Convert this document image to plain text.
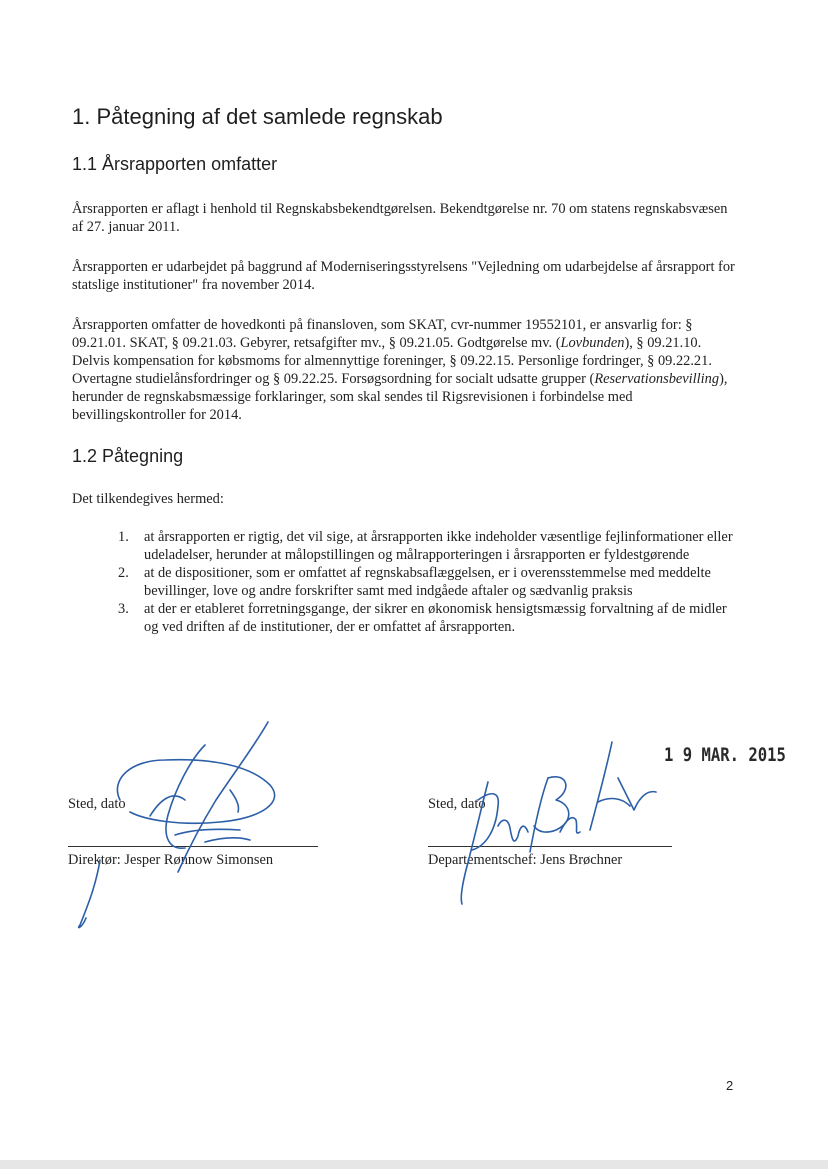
1. Påtegning af det samlede regnskab
1.1 Årsrapporten omfatter

Årsrapporten er aflagt i henhold til Regnskabsbekendtgørelsen. Bekendtgørelse nr. 70 om statens regnskabsvæsen af 27. januar 2011.

Årsrapporten er udarbejdet på baggrund af Moderniseringsstyrelsens "Vejledning om udarbejdelse af årsrapport for statslige institutioner" fra november 2014.

Årsrapporten omfatter de hovedkonti på finansloven, som SKAT, cvr-nummer 19552101, er ansvarlig for: § 09.21.01. SKAT, § 09.21.03. Gebyrer, retsafgifter mv., § 09.21.05. Godtgørelse mv. (Lovbunden), § 09.21.10. Delvis kompensation for købsmoms for almennyttige foreninger, § 09.22.15. Personlige fordringer, § 09.22.21. Overtagne studielånsfordringer og § 09.22.25. Forsøgsordning for socialt udsatte grupper (Reservationsbevilling), herunder de regnskabsmæssige forklaringer, som skal sendes til Rigsrevisionen i forbindelse med bevillingskontroller for 2014.

1.2 Påtegning

Det tilkendegives hermed:

1. at årsrapporten er rigtig, det vil sige, at årsrapporten ikke indeholder væsentlige fejlinformationer eller udeladelser, herunder at målopstillingen og målrapporteringen i årsrapporten er fyldestgørende
2. at de dispositioner, som er omfattet af regnskabsaflæggelsen, er i overensstemmelse med meddelte bevillinger, love og andre forskrifter samt med indgåede aftaler og sædvanlig praksis
3. at der er etableret forretningsgange, der sikrer en økonomisk hensigtsmæssig forvaltning af de midler og ved driften af de institutioner, der er omfattet af årsrapporten.
1 9 MAR. 2015
Sted, dato
Direktør: Jesper Rønnow Simonsen
Sted, dato
Departementschef: Jens Brøchner
2
